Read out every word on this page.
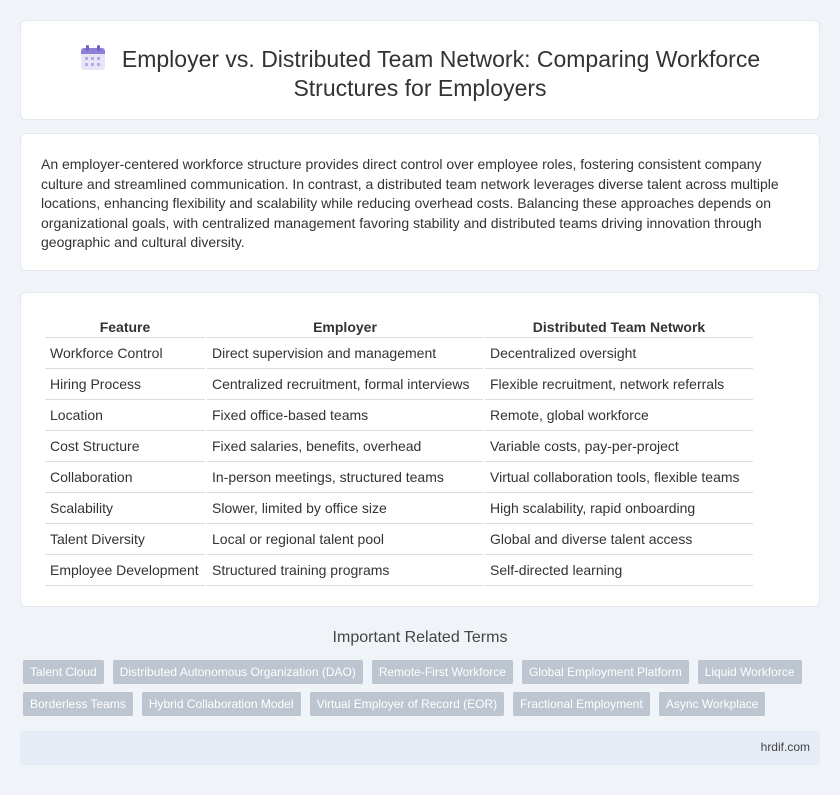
Employer vs. Distributed Team Network: Comparing Workforce Structures for Employers

An employer-centered workforce structure provides direct control over employee roles, fostering consistent company culture and streamlined communication. In contrast, a distributed team network leverages diverse talent across multiple locations, enhancing flexibility and scalability while reducing overhead costs. Balancing these approaches depends on organizational goals, with centralized management favoring stability and distributed teams driving innovation through geographic and cultural diversity.

Feature	Employer	Distributed Team Network
Workforce Control	Direct supervision and management	Decentralized oversight
Hiring Process	Centralized recruitment, formal interviews	Flexible recruitment, network referrals
Location	Fixed office-based teams	Remote, global workforce
Cost Structure	Fixed salaries, benefits, overhead	Variable costs, pay-per-project
Collaboration	In-person meetings, structured teams	Virtual collaboration tools, flexible teams
Scalability	Slower, limited by office size	High scalability, rapid onboarding
Talent Diversity	Local or regional talent pool	Global and diverse talent access
Employee Development	Structured training programs	Self-directed learning
Important Related Terms
Talent Cloud	Distributed Autonomous Organization (DAO)	Remote-First Workforce	Global Employment Platform	Liquid Workforce
Borderless Teams	Hybrid Collaboration Model	Virtual Employer of Record (EOR)	Fractional Employment	Async Workplace
hrdif.com
